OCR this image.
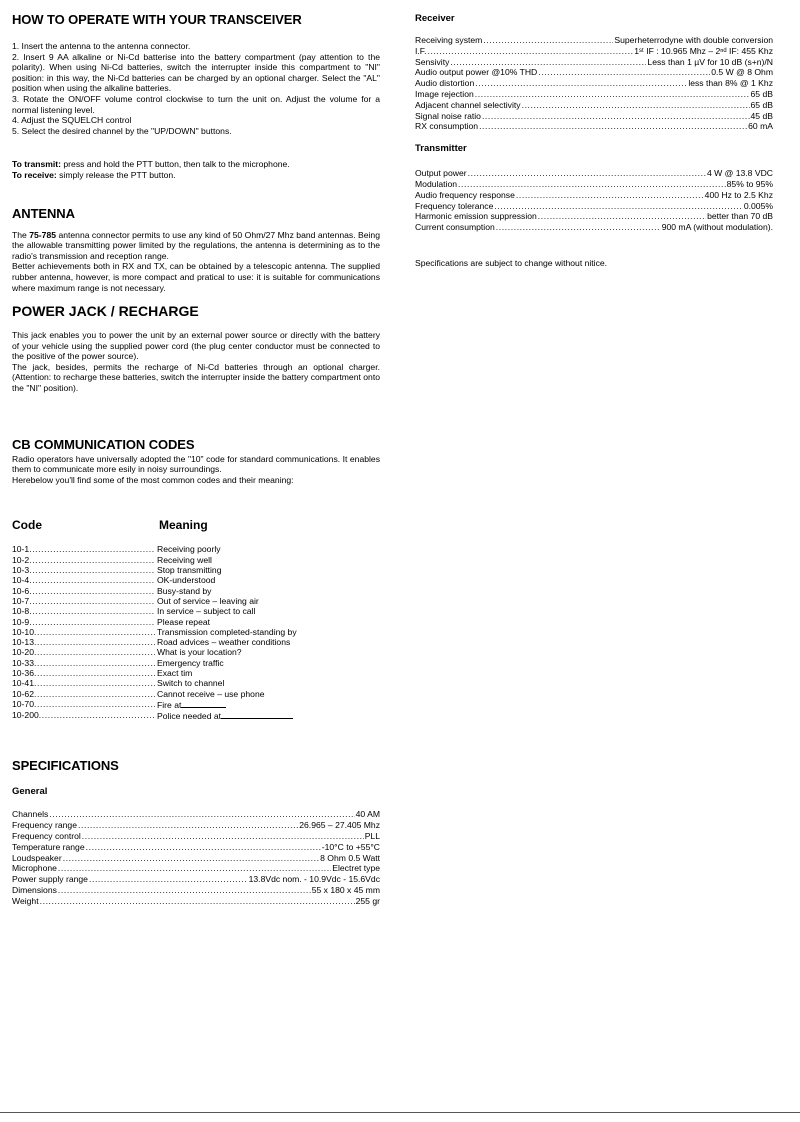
HOW TO OPERATE WITH YOUR TRANSCEIVER

1. Insert the antenna to the antenna connector.

2. Insert 9 AA alkaline or Ni-Cd batterise into the battery compartment (pay attention to the polarity). When using Ni-Cd batteries, switch the interrupter inside this compartment to "NI" position: in this way, the Ni-Cd batteries can be charged by an optional charger. Select the "AL" position when using the alkaline batteries.

3. Rotate the ON/OFF volume control clockwise to turn the unit on. Adjust the volume for a normal listening level.

4. Adjust the SQUELCH control

5. Select the desired channel by the "UP/DOWN" buttons.

To transmit: press and hold the PTT button, then talk to the microphone.

To receive: simply release the PTT button.

ANTENNA

The 75-785 antenna connector permits to use any kind of 50 Ohm/27 Mhz band antennas. Being the allowable transmitting power limited by the regulations, the antenna is determining as to the radio's transmission and reception range.

Better achievements both in RX and TX, can be obtained by a telescopic antenna. The supplied rubber antenna, however, is more compact and pratical to use: it is suitable for communications where maximum range is not necessary.

POWER JACK / RECHARGE

This jack enables you to power the unit by an external power source or directly with the battery of your vehicle using the supplied power cord (the plug center conductor must be connected to the positive of the power source).

The jack, besides, permits the recharge of Ni-Cd batteries through an optional charger. (Attention: to recharge these batteries, switch the interrupter inside the battery compartment onto the "NI" position).

CB COMMUNICATION CODES

Radio operators have universally adopted the "10" code for standard communications. It enables them to communicate more esily in noisy surroundings.

Herebelow you'll find some of the most common codes and their meaning:

Code	Meaning
10-1 .....	Receiving poorly
10-2 .....	Receiving well
10-3 .....	Stop transmitting
10-4 .....	OK-understood
10-6 .....	Busy-stand by
10-7 .....	Out of service – leaving air
10-8 .....	In service – subject to call
10-9 .....	Please repeat
10-10 .....	Transmission completed-standing by
10-13 .....	Road advices – weather conditions
10-20 .....	What is your location?
10-33 .....	Emergency traffic
10-36 .....	Exact tim
10-41 .....	Switch to channel
10-62 .....	Cannot receive – use phone
10-70 .....	Fire at
10-200 .....	Police needed at
SPECIFICATIONS
General
Channels .....	40 AM
Frequency range .....	26.965 – 27.405 Mhz
Frequency control .....	PLL
Temperature range .....	-10°C to +55°C
Loudspeaker .....	8 Ohm 0.5 Watt
Microphone .....	Electret type
Power supply range .....	13.8Vdc nom. - 10.9Vdc - 15.6Vdc
Dimensions .....	55 x 180 x 45 mm
Weight .....	255 gr
Receiver
Receiving system .....	Superheterrodyne with double conversion
I.F. .....	1ˢᵗ IF : 10.965 Mhz – 2ⁿᵈ IF: 455 Khz
Sensivity .....	Less than 1 µV for 10 dB (s+n)/N
Audio output power @10% THD .....	0.5 W @ 8 Ohm
Audio distortion .....	less than 8% @ 1 Khz
Image rejection .....	65 dB
Adjacent channel selectivity .....	65 dB
Signal noise ratio .....	45 dB
RX consumption .....	60 mA
Transmitter
Output power .....	4 W @ 13.8 VDC
Modulation .....	85% to 95%
Audio frequency response .....	400 Hz to 2.5 Khz
Frequency tolerance .....	0.005%
Harmonic emission suppression .....	better than 70 dB
Current consumption .....	900 mA (without modulation).

Specifications are subject to change without nitice.
